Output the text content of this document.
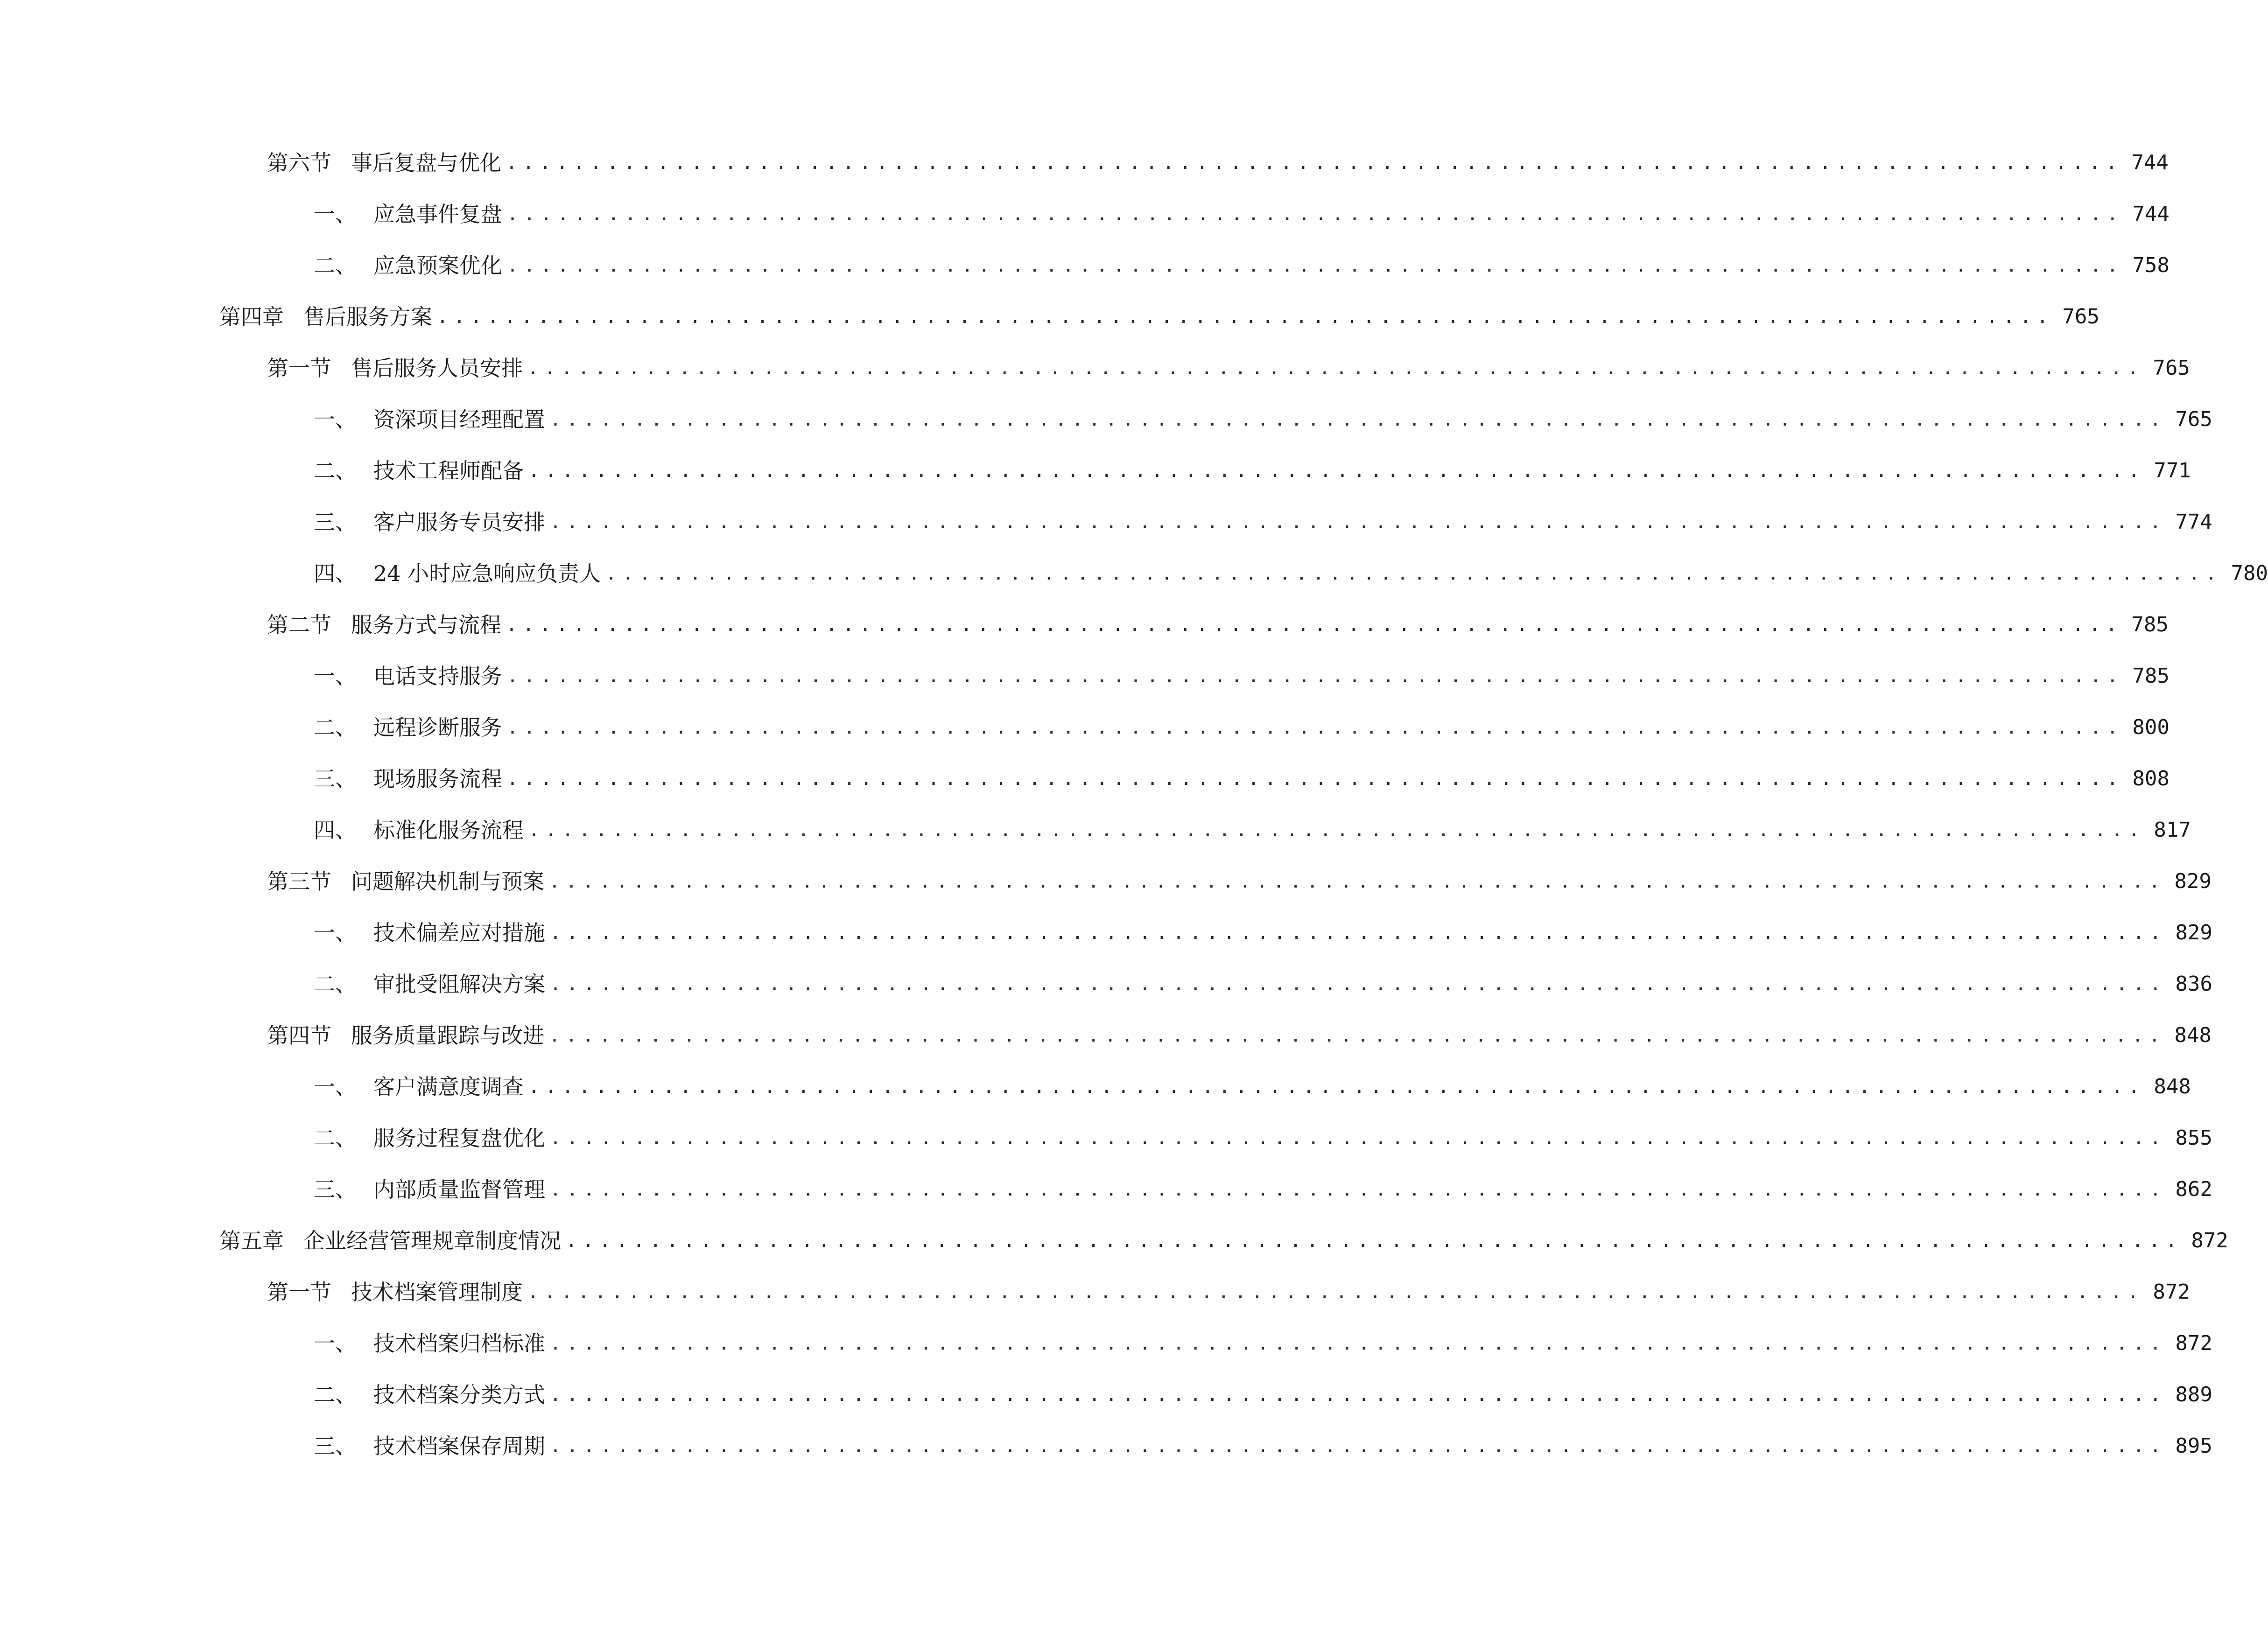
第六节 事后复盘与优化 ................................................................................................ 744
一、 应急事件复盘 ................................................................................................ 744
二、 应急预案优化 ................................................................................................ 758
第四章 售后服务方案 ................................................................................................ 765
第一节 售后服务人员安排 ................................................................................................ 765
一、 资深项目经理配置 ................................................................................................ 765
二、 技术工程师配备 ................................................................................................ 771
三、 客户服务专员安排 ................................................................................................ 774
四、 24 小时应急响应负责人 ................................................................................................ 780
第二节 服务方式与流程 ................................................................................................ 785
一、 电话支持服务 ................................................................................................ 785
二、 远程诊断服务 ................................................................................................ 800
三、 现场服务流程 ................................................................................................ 808
四、 标准化服务流程 ................................................................................................ 817
第三节 问题解决机制与预案 ................................................................................................ 829
一、 技术偏差应对措施 ................................................................................................ 829
二、 审批受阻解决方案 ................................................................................................ 836
第四节 服务质量跟踪与改进 ................................................................................................ 848
一、 客户满意度调查 ................................................................................................ 848
二、 服务过程复盘优化 ................................................................................................ 855
三、 内部质量监督管理 ................................................................................................ 862
第五章 企业经营管理规章制度情况 ................................................................................................ 872
第一节 技术档案管理制度 ................................................................................................ 872
一、 技术档案归档标准 ................................................................................................ 872
二、 技术档案分类方式 ................................................................................................ 889
三、 技术档案保存周期 ................................................................................................ 895
